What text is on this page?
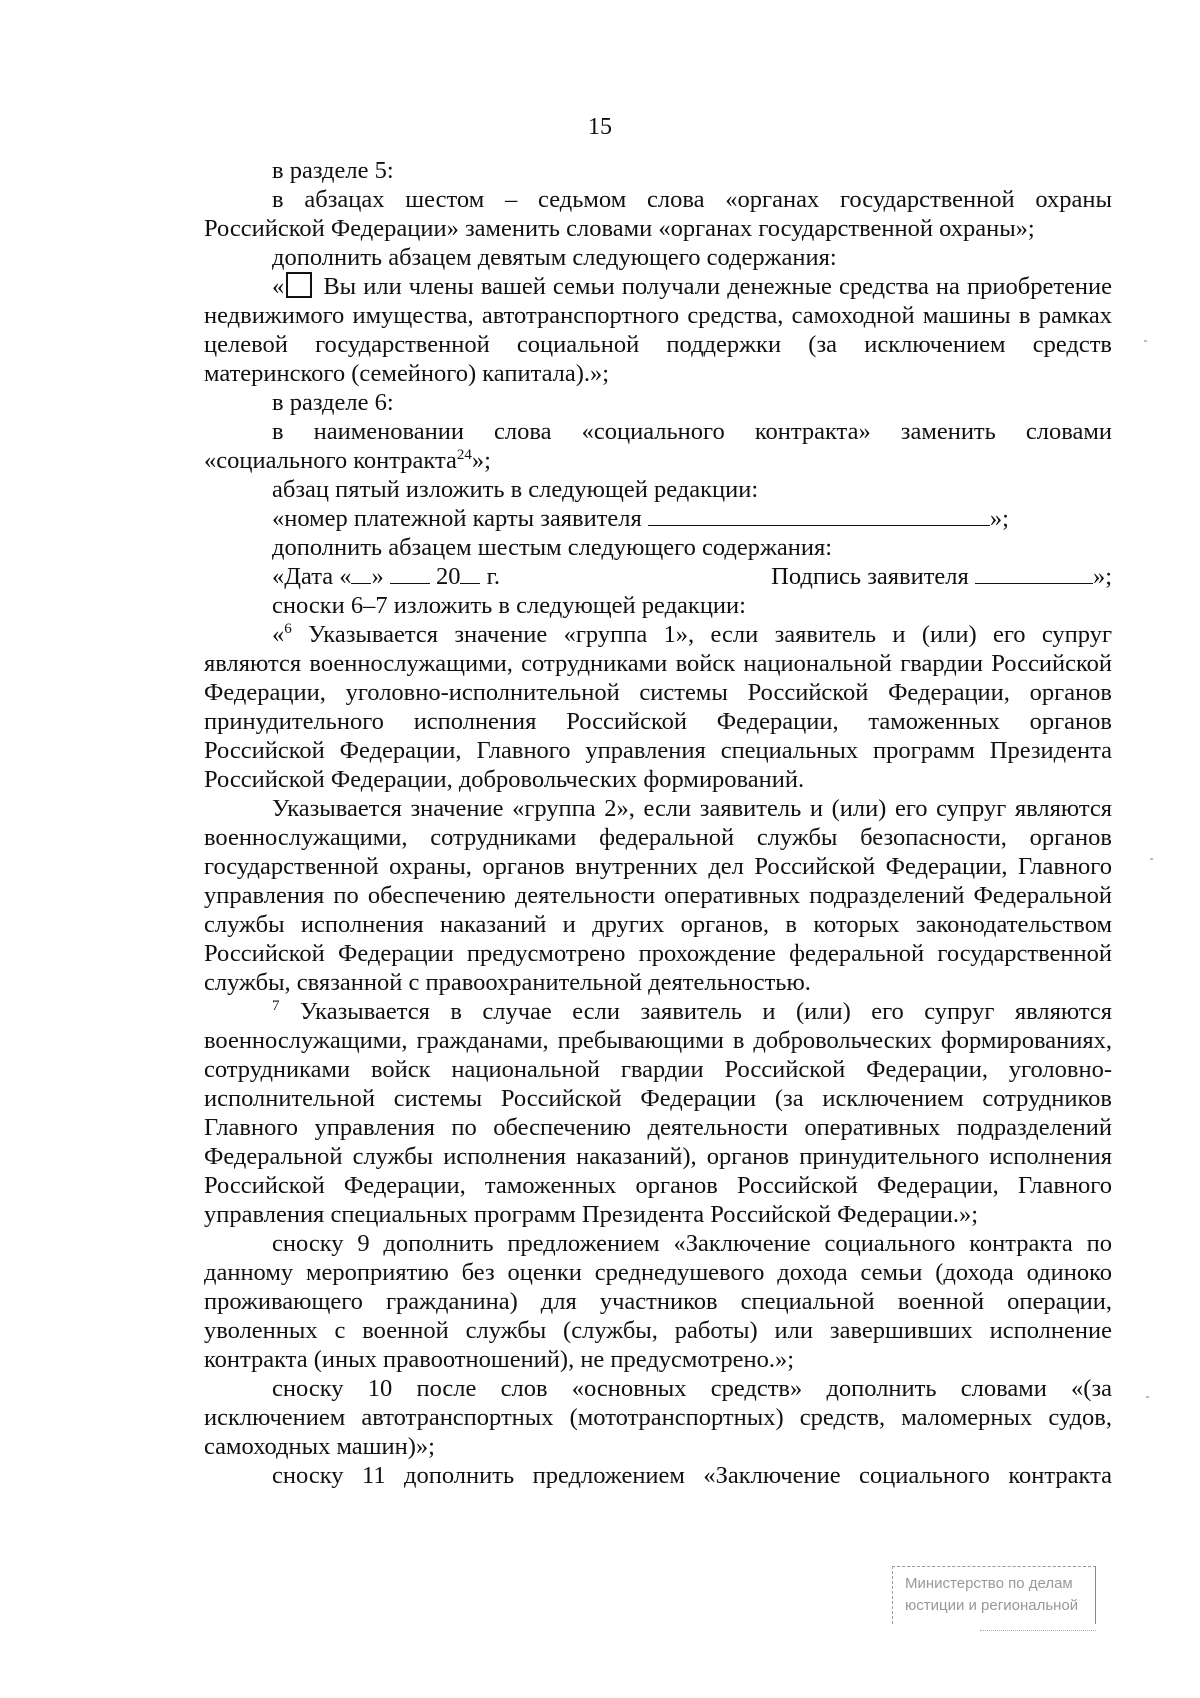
15
в разделе 5:
в абзацах шестом – седьмом слова «органах государственной охраны Российской Федерации» заменить словами «органах государственной охраны»;
дополнить абзацем девятым следующего содержания:
« Вы или члены вашей семьи получали денежные средства на приобретение недвижимого имущества, автотранспортного средства, самоходной машины в рамках целевой государственной социальной поддержки (за исключением средств материнского (семейного) капитала).»;
в разделе 6:
в наименовании слова «социального контракта» заменить словами «социального контракта$^{24}$»;
абзац пятый изложить в следующей редакции:
«номер платежной карты заявителя	»;
дополнить абзацем шестым следующего содержания:
«Дата « » 20 г.	Подпись заявителя	»;
сноски 6–7 изложить в следующей редакции:
«$^6$ Указывается значение «группа 1», если заявитель и (или) его супруг являются военнослужащими, сотрудниками войск национальной гвардии Российской Федерации, уголовно-исполнительной системы Российской Федерации, органов принудительного исполнения Российской Федерации, таможенных органов Российской Федерации, Главного управления специальных программ Президента Российской Федерации, добровольческих формирований.
Указывается значение «группа 2», если заявитель и (или) его супруг являются военнослужащими, сотрудниками федеральной службы безопасности, органов государственной охраны, органов внутренних дел Российской Федерации, Главного управления по обеспечению деятельности оперативных подразделений Федеральной службы исполнения наказаний и других органов, в которых законодательством Российской Федерации предусмотрено прохождение федеральной государственной службы, связанной с правоохранительной деятельностью.
$^7$ Указывается в случае если заявитель и (или) его супруг являются военнослужащими, гражданами, пребывающими в добровольческих формированиях, сотрудниками войск национальной гвардии Российской Федерации, уголовно-исполнительной системы Российской Федерации (за исключением сотрудников Главного управления по обеспечению деятельности оперативных подразделений Федеральной службы исполнения наказаний), органов принудительного исполнения Российской Федерации, таможенных органов Российской Федерации, Главного управления специальных программ Президента Российской Федерации.»;
сноску 9 дополнить предложением «Заключение социального контракта по данному мероприятию без оценки среднедушевого дохода семьи (дохода одиноко проживающего гражданина) для участников специальной военной операции, уволенных с военной службы (службы, работы) или завершивших исполнение контракта (иных правоотношений), не предусмотрено.»;
сноску 10 после слов «основных средств» дополнить словами «(за исключением автотранспортных (мототранспортных) средств, маломерных судов, самоходных машин)»;
сноску 11 дополнить предложением «Заключение социального контракта
Министерство по делам
юстиции и региональной
